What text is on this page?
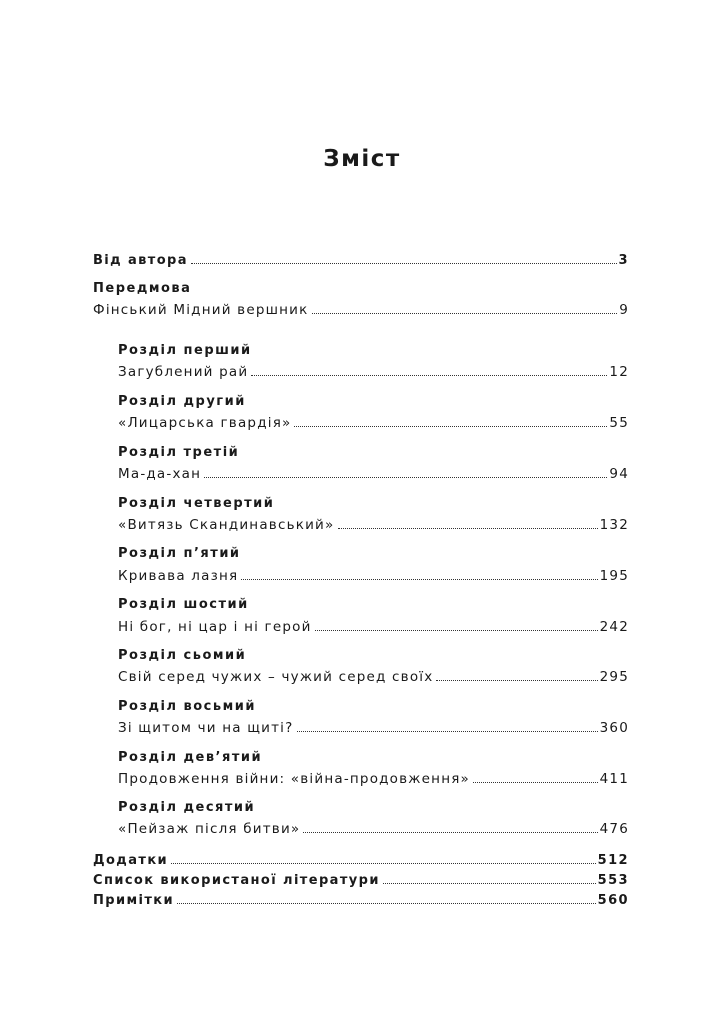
Зміст
Від автора	3
Передмова
Фінський Мідний вершник	9
Розділ перший
Загублений рай	12
Розділ другий
«Лицарська гвардія»	55
Розділ третій
Ма-да-хан	94
Розділ четвертий
«Витязь Скандинавський»	132
Розділ п’ятий
Кривава лазня	195
Розділ шостий
Ні бог, ні цар і ні герой	242
Розділ сьомий
Свій серед чужих – чужий серед своїх	295
Розділ восьмий
Зі щитом чи на щиті?	360
Розділ дев’ятий
Продовження війни: «війна-продовження»	411
Розділ десятий
«Пейзаж після битви»	476
Додатки	512
Список використаної літератури	553
Примітки	560
